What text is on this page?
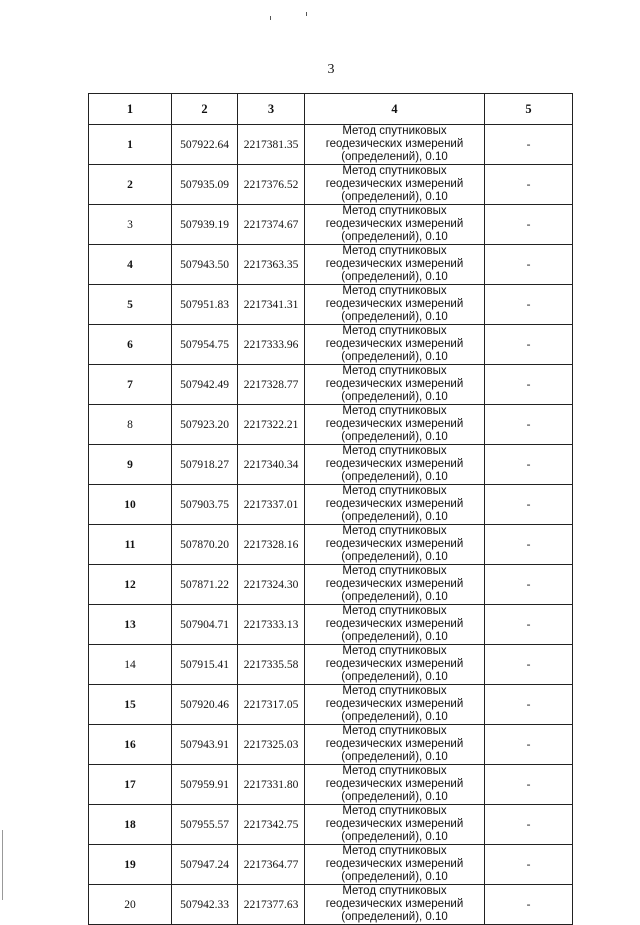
3
1	2	3	4	5
1	507922.64	2217381.35	Метод спутниковых геодезических измерений (определений), 0.10	-
2	507935.09	2217376.52	Метод спутниковых геодезических измерений (определений), 0.10	-
3	507939.19	2217374.67	Метод спутниковых геодезических измерений (определений), 0.10	-
4	507943.50	2217363.35	Метод спутниковых геодезических измерений (определений), 0.10	-
5	507951.83	2217341.31	Метод спутниковых геодезических измерений (определений), 0.10	-
6	507954.75	2217333.96	Метод спутниковых геодезических измерений (определений), 0.10	-
7	507942.49	2217328.77	Метод спутниковых геодезических измерений (определений), 0.10	-
8	507923.20	2217322.21	Метод спутниковых геодезических измерений (определений), 0.10	-
9	507918.27	2217340.34	Метод спутниковых геодезических измерений (определений), 0.10	-
10	507903.75	2217337.01	Метод спутниковых геодезических измерений (определений), 0.10	-
11	507870.20	2217328.16	Метод спутниковых геодезических измерений (определений), 0.10	-
12	507871.22	2217324.30	Метод спутниковых геодезических измерений (определений), 0.10	-
13	507904.71	2217333.13	Метод спутниковых геодезических измерений (определений), 0.10	-
14	507915.41	2217335.58	Метод спутниковых геодезических измерений (определений), 0.10	-
15	507920.46	2217317.05	Метод спутниковых геодезических измерений (определений), 0.10	-
16	507943.91	2217325.03	Метод спутниковых геодезических измерений (определений), 0.10	-
17	507959.91	2217331.80	Метод спутниковых геодезических измерений (определений), 0.10	-
18	507955.57	2217342.75	Метод спутниковых геодезических измерений (определений), 0.10	-
19	507947.24	2217364.77	Метод спутниковых геодезических измерений (определений), 0.10	-
20	507942.33	2217377.63	Метод спутниковых геодезических измерений (определений), 0.10	-
